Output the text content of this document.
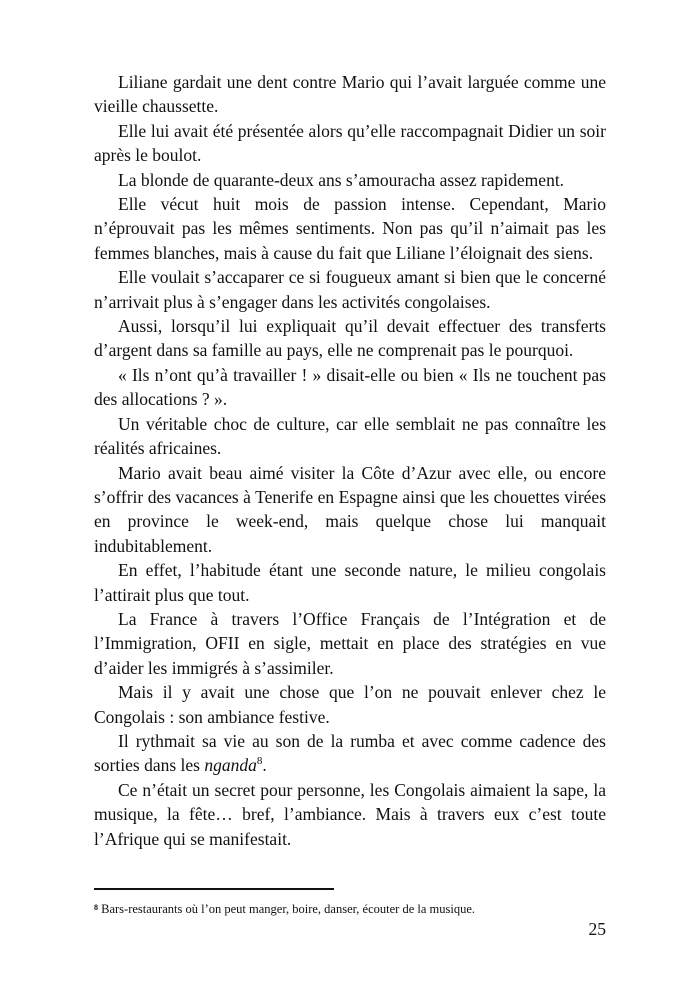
Liliane gardait une dent contre Mario qui l’avait larguée comme une vieille chaussette.

Elle lui avait été présentée alors qu’elle raccompagnait Didier un soir après le boulot.

La blonde de quarante-deux ans s’amouracha assez rapidement.

Elle vécut huit mois de passion intense. Cependant, Mario n’éprouvait pas les mêmes sentiments. Non pas qu’il n’aimait pas les femmes blanches, mais à cause du fait que Liliane l’éloignait des siens.

Elle voulait s’accaparer ce si fougueux amant si bien que le concerné n’arrivait plus à s’engager dans les activités congolaises.

Aussi, lorsqu’il lui expliquait qu’il devait effectuer des transferts d’argent dans sa famille au pays, elle ne comprenait pas le pourquoi.

« Ils n’ont qu’à travailler ! » disait-elle ou bien « Ils ne touchent pas des allocations ? ».

Un véritable choc de culture, car elle semblait ne pas connaître les réalités africaines.

Mario avait beau aimé visiter la Côte d’Azur avec elle, ou encore s’offrir des vacances à Tenerife en Espagne ainsi que les chouettes virées en province le week-end, mais quelque chose lui manquait indubitablement.

En effet, l’habitude étant une seconde nature, le milieu congolais l’attirait plus que tout.

La France à travers l’Office Français de l’Intégration et de l’Immigration, OFII en sigle, mettait en place des stratégies en vue d’aider les immigrés à s’assimiler.

Mais il y avait une chose que l’on ne pouvait enlever chez le Congolais : son ambiance festive.

Il rythmait sa vie au son de la rumba et avec comme cadence des sorties dans les nganda$^8$.

Ce n’était un secret pour personne, les Congolais aimaient la sape, la musique, la fête… bref, l’ambiance. Mais à travers eux c’est toute l’Afrique qui se manifestait.

$^8$ Bars-restaurants où l’on peut manger, boire, danser, écouter de la musique.
25
